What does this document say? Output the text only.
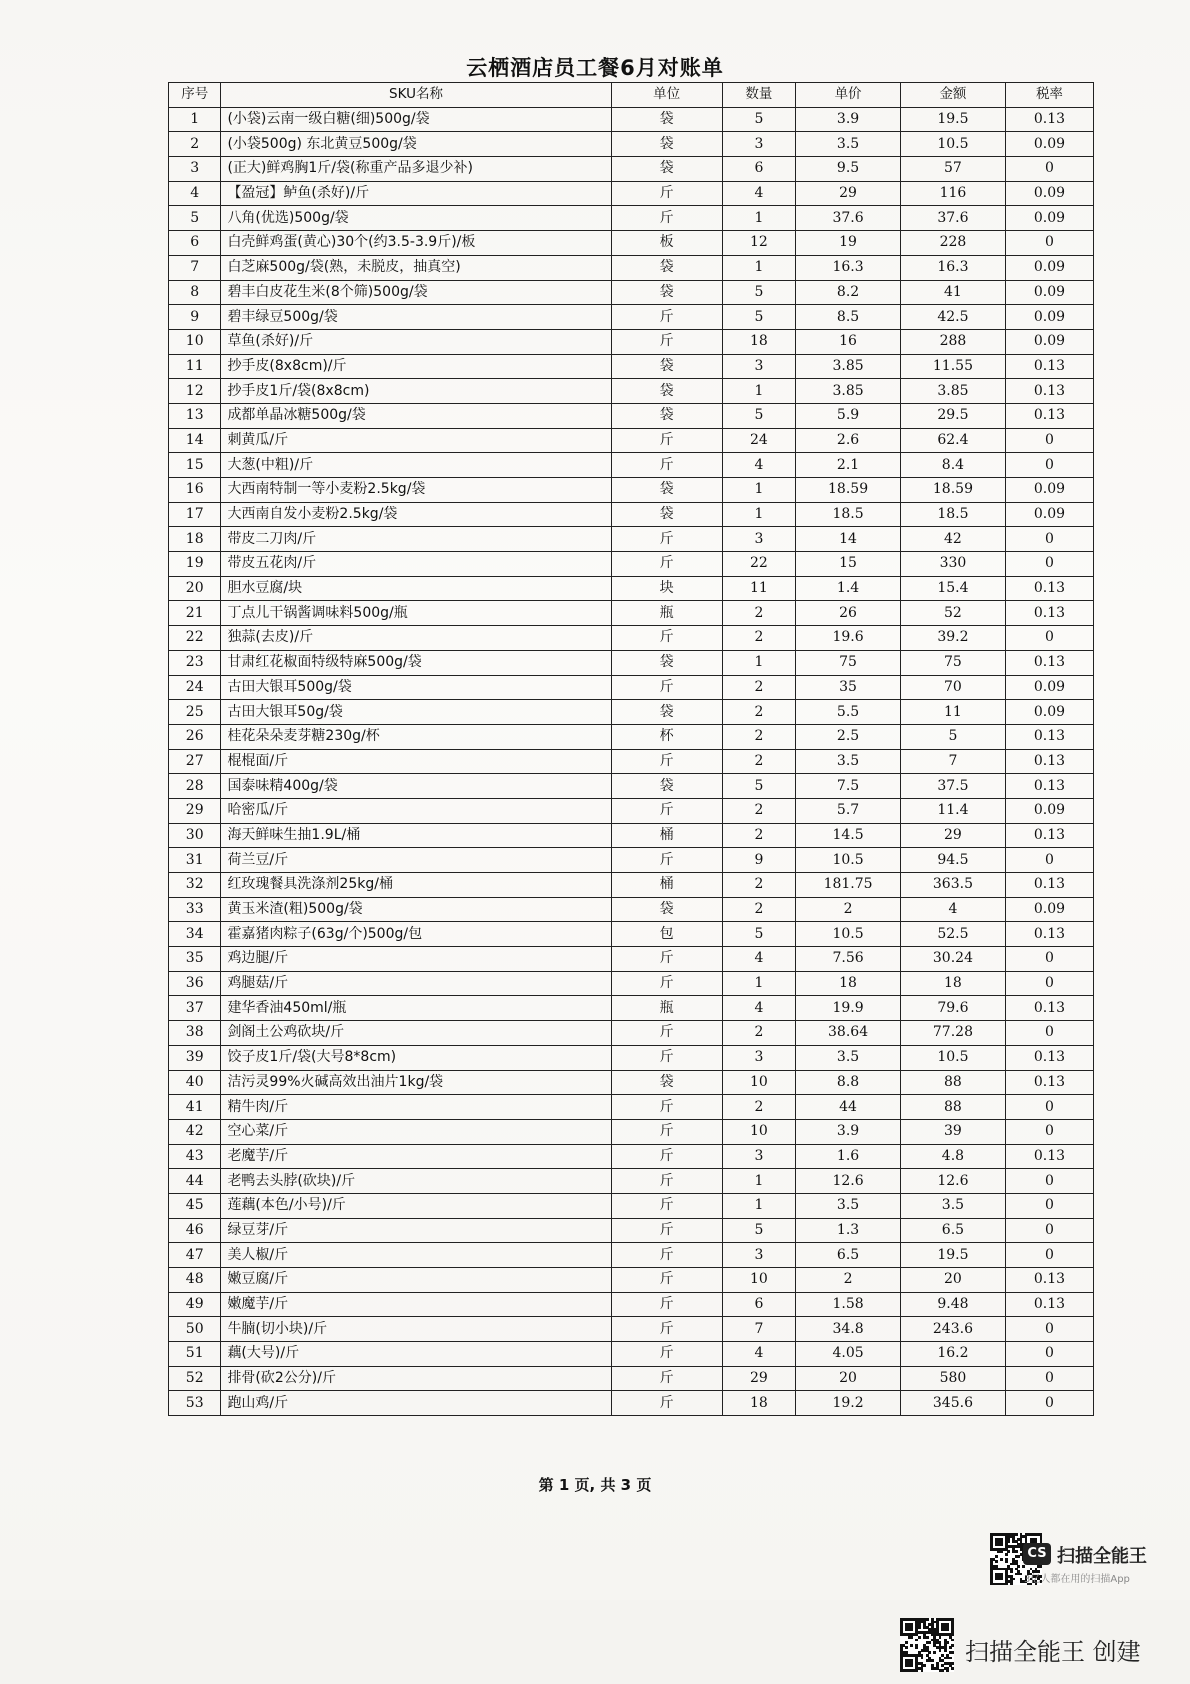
云栖酒店员工餐6月对账单
序号	SKU名称	单位	数量	单价	金额	税率
1	(小袋)云南一级白糖(细)500g/袋	袋	5	3.9	19.5	0.13
2	(小袋500g) 东北黄豆500g/袋	袋	3	3.5	10.5	0.09
3	(正大)鲜鸡胸1斤/袋(称重产品多退少补)	袋	6	9.5	57	0
4	【盈冠】鲈鱼(杀好)/斤	斤	4	29	116	0.09
5	八角(优选)500g/袋	斤	1	37.6	37.6	0.09
6	白壳鲜鸡蛋(黄心)30个(约3.5-3.9斤)/板	板	12	19	228	0
7	白芝麻500g/袋(熟，未脱皮，抽真空)	袋	1	16.3	16.3	0.09
8	碧丰白皮花生米(8个筛)500g/袋	袋	5	8.2	41	0.09
9	碧丰绿豆500g/袋	斤	5	8.5	42.5	0.09
10	草鱼(杀好)/斤	斤	18	16	288	0.09
11	抄手皮(8x8cm)/斤	袋	3	3.85	11.55	0.13
12	抄手皮1斤/袋(8x8cm)	袋	1	3.85	3.85	0.13
13	成都单晶冰糖500g/袋	袋	5	5.9	29.5	0.13
14	刺黄瓜/斤	斤	24	2.6	62.4	0
15	大葱(中粗)/斤	斤	4	2.1	8.4	0
16	大西南特制一等小麦粉2.5kg/袋	袋	1	18.59	18.59	0.09
17	大西南自发小麦粉2.5kg/袋	袋	1	18.5	18.5	0.09
18	带皮二刀肉/斤	斤	3	14	42	0
19	带皮五花肉/斤	斤	22	15	330	0
20	胆水豆腐/块	块	11	1.4	15.4	0.13
21	丁点儿干锅酱调味料500g/瓶	瓶	2	26	52	0.13
22	独蒜(去皮)/斤	斤	2	19.6	39.2	0
23	甘肃红花椒面特级特麻500g/袋	袋	1	75	75	0.13
24	古田大银耳500g/袋	斤	2	35	70	0.09
25	古田大银耳50g/袋	袋	2	5.5	11	0.09
26	桂花朵朵麦芽糖230g/杯	杯	2	2.5	5	0.13
27	棍棍面/斤	斤	2	3.5	7	0.13
28	国泰味精400g/袋	袋	5	7.5	37.5	0.13
29	哈密瓜/斤	斤	2	5.7	11.4	0.09
30	海天鲜味生抽1.9L/桶	桶	2	14.5	29	0.13
31	荷兰豆/斤	斤	9	10.5	94.5	0
32	红玫瑰餐具洗涤剂25kg/桶	桶	2	181.75	363.5	0.13
33	黄玉米渣(粗)500g/袋	袋	2	2	4	0.09
34	霍嘉猪肉粽子(63g/个)500g/包	包	5	10.5	52.5	0.13
35	鸡边腿/斤	斤	4	7.56	30.24	0
36	鸡腿菇/斤	斤	1	18	18	0
37	建华香油450ml/瓶	瓶	4	19.9	79.6	0.13
38	剑阁土公鸡砍块/斤	斤	2	38.64	77.28	0
39	饺子皮1斤/袋(大号8*8cm)	斤	3	3.5	10.5	0.13
40	洁污灵99%火碱高效出油片1kg/袋	袋	10	8.8	88	0.13
41	精牛肉/斤	斤	2	44	88	0
42	空心菜/斤	斤	10	3.9	39	0
43	老魔芋/斤	斤	3	1.6	4.8	0.13
44	老鸭去头脖(砍块)/斤	斤	1	12.6	12.6	0
45	莲藕(本色/小号)/斤	斤	1	3.5	3.5	0
46	绿豆芽/斤	斤	5	1.3	6.5	0
47	美人椒/斤	斤	3	6.5	19.5	0
48	嫩豆腐/斤	斤	10	2	20	0.13
49	嫩魔芋/斤	斤	6	1.58	9.48	0.13
50	牛腩(切小块)/斤	斤	7	34.8	243.6	0
51	藕(大号)/斤	斤	4	4.05	16.2	0
52	排骨(砍2公分)/斤	斤	29	20	580	0
53	跑山鸡/斤	斤	18	19.2	345.6	0
第 1 页, 共 3 页
CS 扫描全能王
3亿人都在用的扫描App
扫描全能王 创建
